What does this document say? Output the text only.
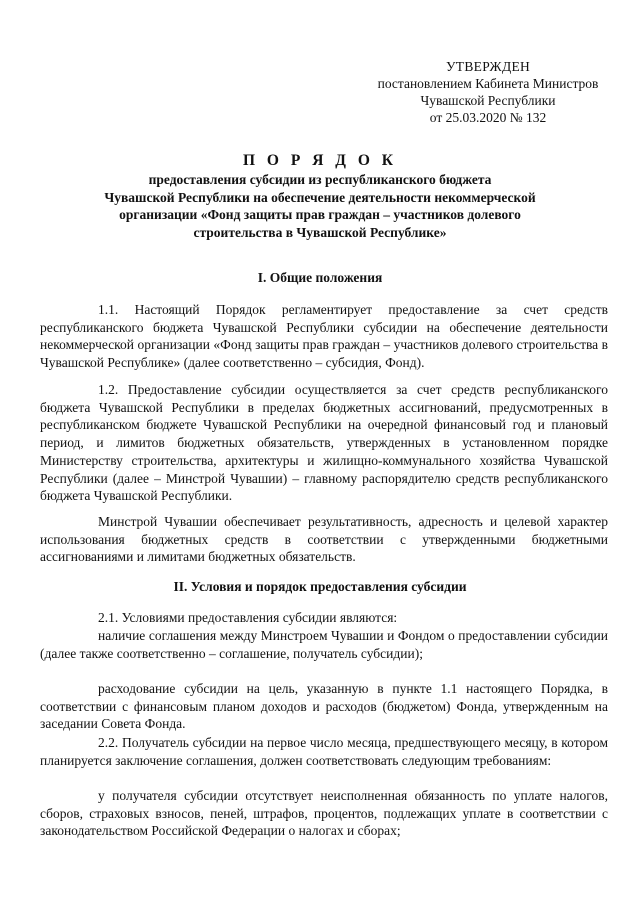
УТВЕРЖДЕН
постановлением Кабинета Министров
Чувашской Республики
от 25.03.2020 № 132
П О Р Я Д О К
предоставления субсидии из республиканского бюджета
Чувашской Республики на обеспечение деятельности некоммерческой
организации «Фонд защиты прав граждан – участников долевого
строительства в Чувашской Республике»
I. Общие положения

1.1. Настоящий Порядок регламентирует предоставление за счет средств республиканского бюджета Чувашской Республики субсидии на обеспечение деятельности некоммерческой организации «Фонд защиты прав граждан – участников долевого строительства в Чувашской Республике» (далее соответственно – субсидия, Фонд).

1.2. Предоставление субсидии осуществляется за счет средств республиканского бюджета Чувашской Республики в пределах бюджетных ассигнований, предусмотренных в республиканском бюджете Чувашской Республики на очередной финансовый год и плановый период, и лимитов бюджетных обязательств, утвержденных в установленном порядке Министерству строительства, архитектуры и жилищно-коммунального хозяйства Чувашской Республики (далее – Минстрой Чувашии) – главному распорядителю средств республиканского бюджета Чувашской Республики.

Минстрой Чувашии обеспечивает результативность, адресность и целевой характер использования бюджетных средств в соответствии с утвержденными бюджетными ассигнованиями и лимитами бюджетных обязательств.

II. Условия и порядок предоставления субсидии

2.1. Условиями предоставления субсидии являются:

наличие соглашения между Минстроем Чувашии и Фондом о предоставлении субсидии (далее также соответственно – соглашение, получатель субсидии);

расходование субсидии на цель, указанную в пункте 1.1 настоящего Порядка, в соответствии с финансовым планом доходов и расходов (бюджетом) Фонда, утвержденным на заседании Совета Фонда.

2.2. Получатель субсидии на первое число месяца, предшествующего месяцу, в котором планируется заключение соглашения, должен соответствовать следующим требованиям:

у получателя субсидии отсутствует неисполненная обязанность по уплате налогов, сборов, страховых взносов, пеней, штрафов, процентов, подлежащих уплате в соответствии с законодательством Российской Федерации о налогах и сборах;
